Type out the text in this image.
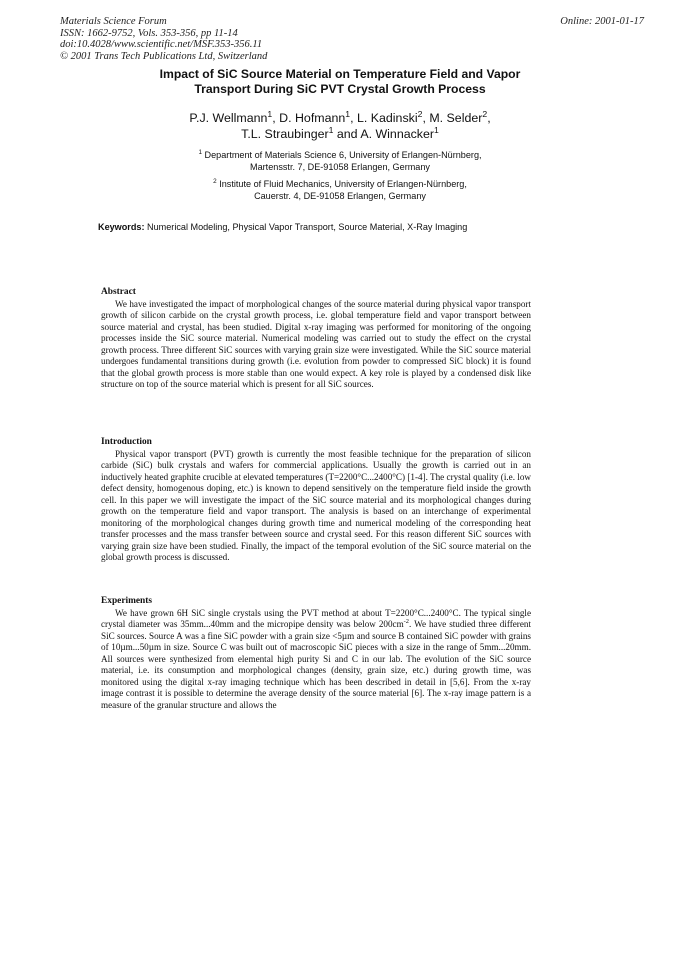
Materials Science Forum
ISSN: 1662-9752, Vols. 353-356, pp 11-14
doi:10.4028/www.scientific.net/MSF.353-356.11
© 2001 Trans Tech Publications Ltd, Switzerland
Online: 2001-01-17
Impact of SiC Source Material on Temperature Field and Vapor
Transport During SiC PVT Crystal Growth Process
P.J. Wellmann$^1$, D. Hofmann$^1$, L. Kadinski$^2$, M. Selder$^2$,
T.L. Straubinger$^1$ and A. Winnacker$^1$
$^1$ Department of Materials Science 6, University of Erlangen-Nürnberg,
Martensstr. 7, DE-91058 Erlangen, Germany
$^2$ Institute of Fluid Mechanics, University of Erlangen-Nürnberg,
Cauerstr. 4, DE-91058 Erlangen, Germany
Keywords: Numerical Modeling, Physical Vapor Transport, Source Material, X-Ray Imaging
Abstract

We have investigated the impact of morphological changes of the source material during physical vapor transport growth of silicon carbide on the crystal growth process, i.e. global temperature field and vapor transport between source material and crystal, has been studied. Digital x-ray imaging was performed for monitoring of the ongoing processes inside the SiC source material. Numerical modeling was carried out to study the effect on the crystal growth process. Three different SiC sources with varying grain size were investigated. While the SiC source material undergoes fundamental transitions during growth (i.e. evolution from powder to compressed SiC block) it is found that the global growth process is more stable than one would expect. A key role is played by a condensed disk like structure on top of the source material which is present for all SiC sources.

Introduction

Physical vapor transport (PVT) growth is currently the most feasible technique for the preparation of silicon carbide (SiC) bulk crystals and wafers for commercial applications. Usually the growth is carried out in an inductively heated graphite crucible at elevated temperatures (T=2200°C...2400°C) [1-4]. The crystal quality (i.e. low defect density, homogenous doping, etc.) is known to depend sensitively on the temperature field inside the growth cell. In this paper we will investigate the impact of the SiC source material and its morphological changes during growth on the temperature field and vapor transport. The analysis is based on an interchange of experimental monitoring of the morphological changes during growth time and numerical modeling of the corresponding heat transfer processes and the mass transfer between source and crystal seed. For this reason different SiC sources with varying grain size have been studied. Finally, the impact of the temporal evolution of the SiC source material on the global growth process is discussed.

Experiments

We have grown 6H SiC single crystals using the PVT method at about T=2200°C...2400°C. The typical single crystal diameter was 35mm...40mm and the micropipe density was below $200cm^{-2}$. We have studied three different SiC sources. Source A was a fine SiC powder with a grain size <5µm and source B contained SiC powder with grains of 10µm...50µm in size. Source C was built out of macroscopic SiC pieces with a size in the range of 5mm...20mm. All sources were synthesized from elemental high purity Si and C in our lab. The evolution of the SiC source material, i.e. its consumption and morphological changes (density, grain size, etc.) during growth time, was monitored using the digital x-ray imaging technique which has been described in detail in [5,6]. From the x-ray image contrast it is possible to determine the average density of the source material [6]. The x-ray image pattern is a measure of the granular structure and allows the
